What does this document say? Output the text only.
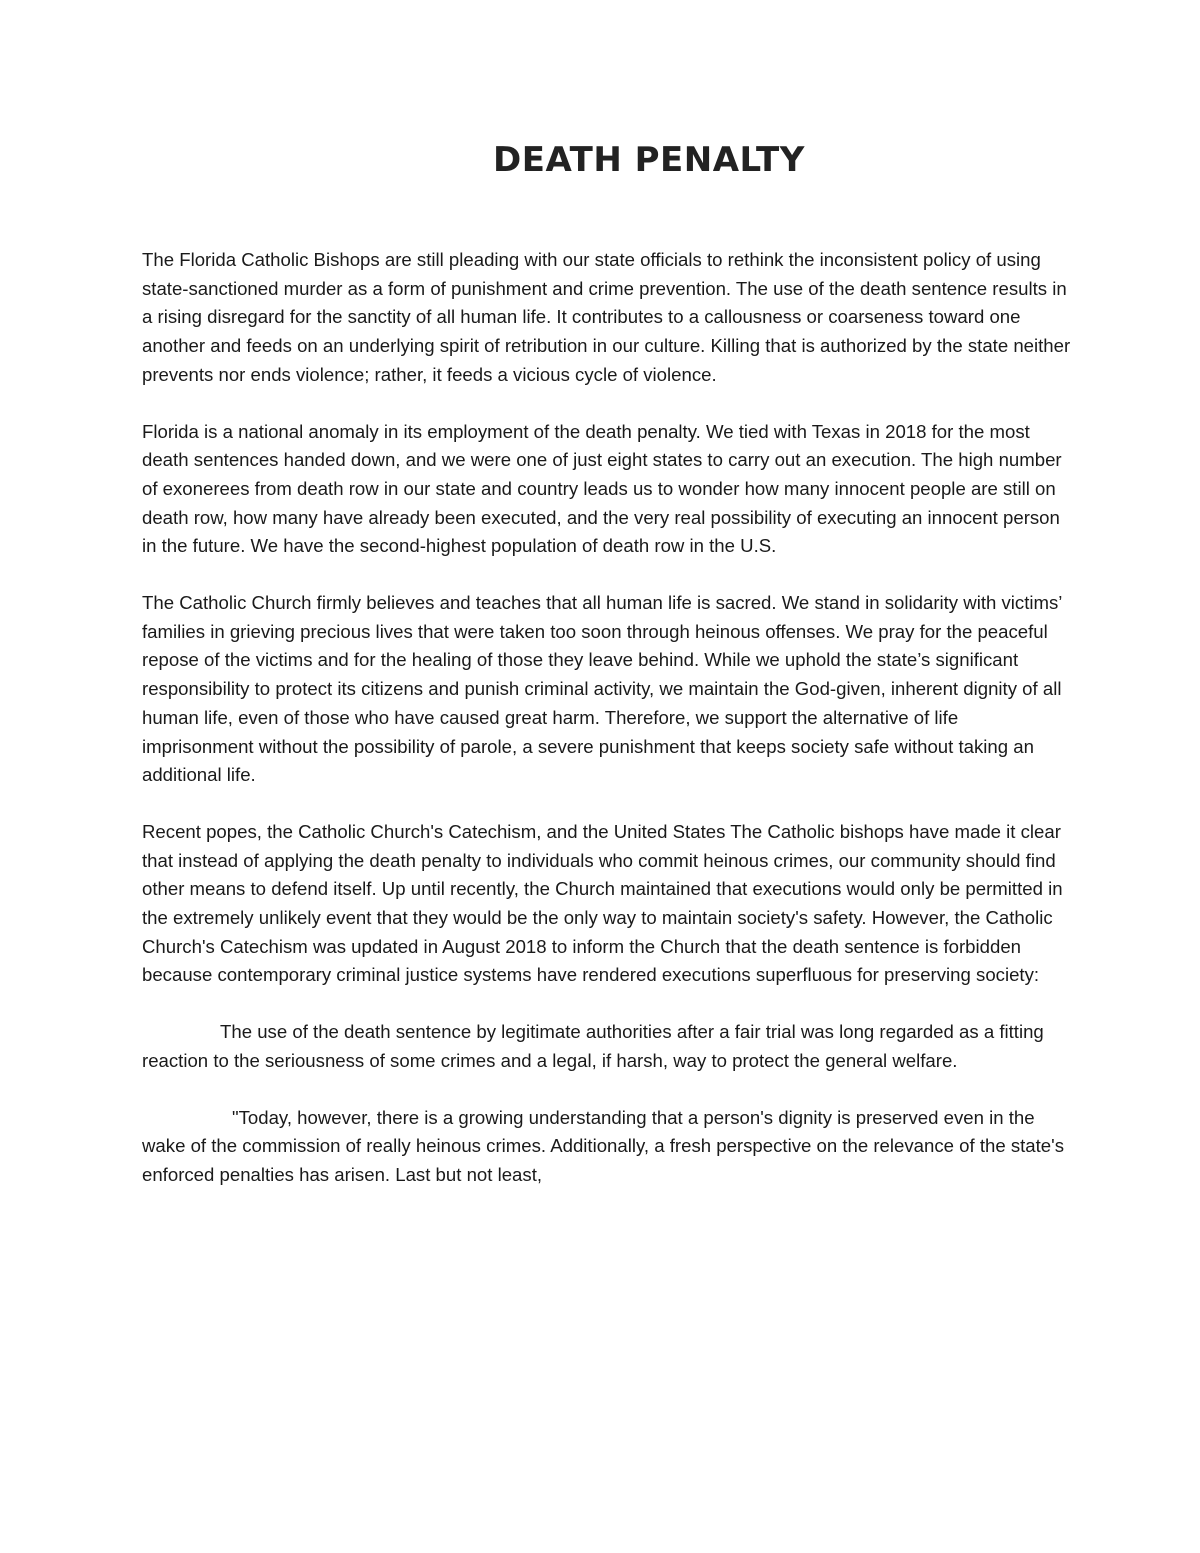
DEATH PENALTY

The Florida Catholic Bishops are still pleading with our state officials to rethink the inconsistent policy of using state-sanctioned murder as a form of punishment and crime prevention. The use of the death sentence results in a rising disregard for the sanctity of all human life. It contributes to a callousness or coarseness toward one another and feeds on an underlying spirit of retribution in our culture. Killing that is authorized by the state neither prevents nor ends violence; rather, it feeds a vicious cycle of violence.

Florida is a national anomaly in its employment of the death penalty. We tied with Texas in 2018 for the most death sentences handed down, and we were one of just eight states to carry out an execution. The high number of exonerees from death row in our state and country leads us to wonder how many innocent people are still on death row, how many have already been executed, and the very real possibility of executing an innocent person in the future. We have the second-highest population of death row in the U.S.

The Catholic Church firmly believes and teaches that all human life is sacred. We stand in solidarity with victims’ families in grieving precious lives that were taken too soon through heinous offenses. We pray for the peaceful repose of the victims and for the healing of those they leave behind. While we uphold the state’s significant responsibility to protect its citizens and punish criminal activity, we maintain the God-given, inherent dignity of all human life, even of those who have caused great harm. Therefore, we support the alternative of life imprisonment without the possibility of parole, a severe punishment that keeps society safe without taking an additional life.

Recent popes, the Catholic Church's Catechism, and the United States The Catholic bishops have made it clear that instead of applying the death penalty to individuals who commit heinous crimes, our community should find other means to defend itself. Up until recently, the Church maintained that executions would only be permitted in the extremely unlikely event that they would be the only way to maintain society's safety. However, the Catholic Church's Catechism was updated in August 2018 to inform the Church that the death sentence is forbidden because contemporary criminal justice systems have rendered executions superfluous for preserving society:

The use of the death sentence by legitimate authorities after a fair trial was long regarded as a fitting reaction to the seriousness of some crimes and a legal, if harsh, way to protect the general welfare.

"Today, however, there is a growing understanding that a person's dignity is preserved even in the wake of the commission of really heinous crimes. Additionally, a fresh perspective on the relevance of the state's enforced penalties has arisen. Last but not least,
